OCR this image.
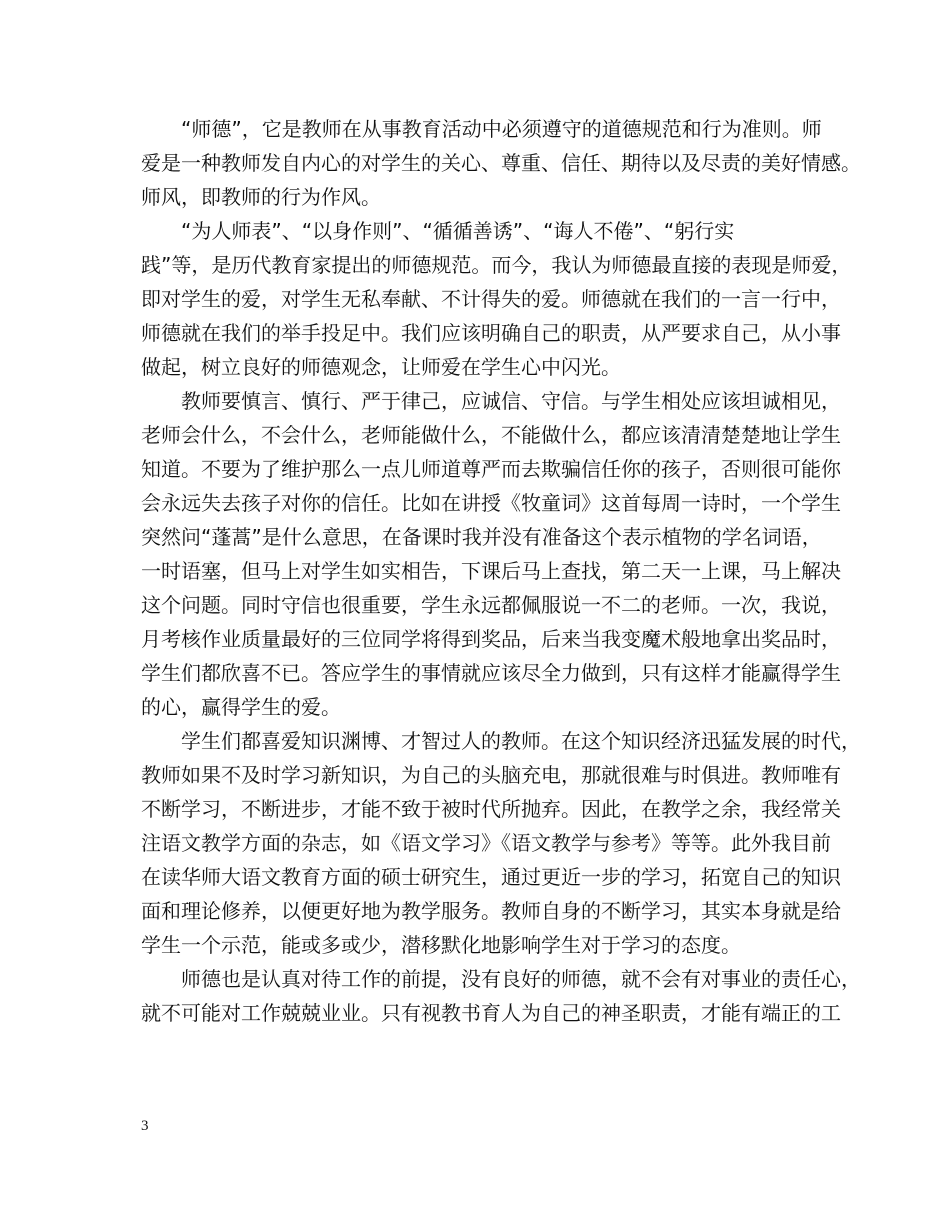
　　“师德”，它是教师在从事教育活动中必须遵守的道德规范和行为准则。师
爱是一种教师发自内心的对学生的关心、尊重、信任、期待以及尽责的美好情感。
师风，即教师的行为作风。
　　“为人师表”、“以身作则”、“循循善诱”、“诲人不倦”、“躬行实
践”等，是历代教育家提出的师德规范。而今，我认为师德最直接的表现是师爱，
即对学生的爱，对学生无私奉献、不计得失的爱。师德就在我们的一言一行中，
师德就在我们的举手投足中。我们应该明确自己的职责，从严要求自己，从小事
做起，树立良好的师德观念，让师爱在学生心中闪光。
　　教师要慎言、慎行、严于律己，应诚信、守信。与学生相处应该坦诚相见，
老师会什么，不会什么，老师能做什么，不能做什么，都应该清清楚楚地让学生
知道。不要为了维护那么一点儿师道尊严而去欺骗信任你的孩子，否则很可能你
会永远失去孩子对你的信任。比如在讲授《牧童词》这首每周一诗时，一个学生
突然问“蓬蒿”是什么意思，在备课时我并没有准备这个表示植物的学名词语，
一时语塞，但马上对学生如实相告，下课后马上查找，第二天一上课，马上解决
这个问题。同时守信也很重要，学生永远都佩服说一不二的老师。一次，我说，
月考核作业质量最好的三位同学将得到奖品，后来当我变魔术般地拿出奖品时，
学生们都欣喜不已。答应学生的事情就应该尽全力做到，只有这样才能赢得学生
的心，赢得学生的爱。
　　学生们都喜爱知识渊博、才智过人的教师。在这个知识经济迅猛发展的时代，
教师如果不及时学习新知识，为自己的头脑充电，那就很难与时俱进。教师唯有
不断学习，不断进步，才能不致于被时代所抛弃。因此，在教学之余，我经常关
注语文教学方面的杂志，如《语文学习》《语文教学与参考》等等。此外我目前
在读华师大语文教育方面的硕士研究生，通过更近一步的学习，拓宽自己的知识
面和理论修养，以便更好地为教学服务。教师自身的不断学习，其实本身就是给
学生一个示范，能或多或少，潜移默化地影响学生对于学习的态度。
　　师德也是认真对待工作的前提，没有良好的师德，就不会有对事业的责任心，
就不可能对工作兢兢业业。只有视教书育人为自己的神圣职责，才能有端正的工
3
